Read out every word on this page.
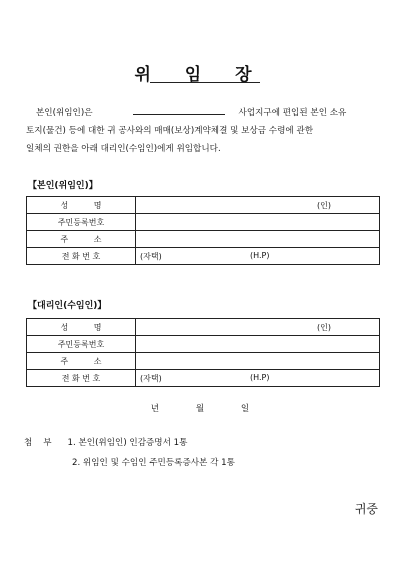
위 임 장
본인(위임인)은	사업지구에 편입된 본인 소유
토지(물건) 등에 대한 귀 공사와의 매매(보상)계약체결 및 보상금 수령에 관한
일체의 권한을 아래 대리인(수임인)에게 위임합니다.
【본인(위임인)】
성          명	(인)

주민등록번호	
주          소	
전 화 번 호	(자택) (H.P)
【대리인(수임인)】
성          명	(인)

주민등록번호	
주          소	
전 화 번 호	(자택) (H.P)
년	월	일
첨    부 1. 본인(위임인) 인감증명서 1통
2. 위임인 및 수임인 주민등록증사본 각 1통
귀중
